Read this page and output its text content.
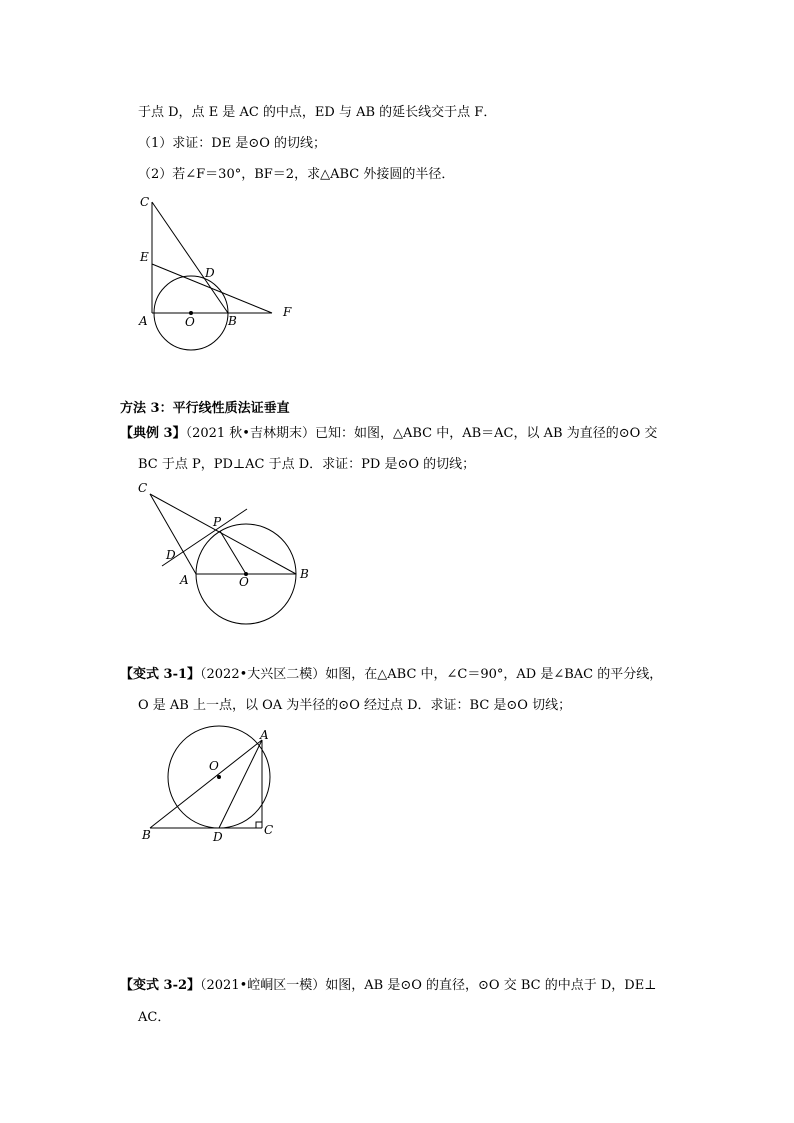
于点 D，点 E 是 AC 的中点，ED 与 AB 的延长线交于点 F．
（1）求证：DE 是⊙O 的切线；
（2）若∠F＝30°，BF＝2，求△ABC 外接圆的半径．
C
E
D
A	O	B
F
方法 3：平行线性质法证垂直
【典例 3】（2021 秋•吉林期末）已知：如图，△ABC 中，AB＝AC，以 AB 为直径的⊙O 交
BC 于点 P，PD⊥AC 于点 D．求证：PD 是⊙O 的切线；
C
P
D
A	O
B
【变式 3-1】（2022•大兴区二模）如图，在△ABC 中，∠C＝90°，AD 是∠BAC 的平分线，
O 是 AB 上一点，以 OA 为半径的⊙O 经过点 D．求证：BC 是⊙O 切线；
A
O
B	D	C
【变式 3-2】（2021•崆峒区一模）如图，AB 是⊙O 的直径，⊙O 交 BC 的中点于 D，DE⊥
AC．
